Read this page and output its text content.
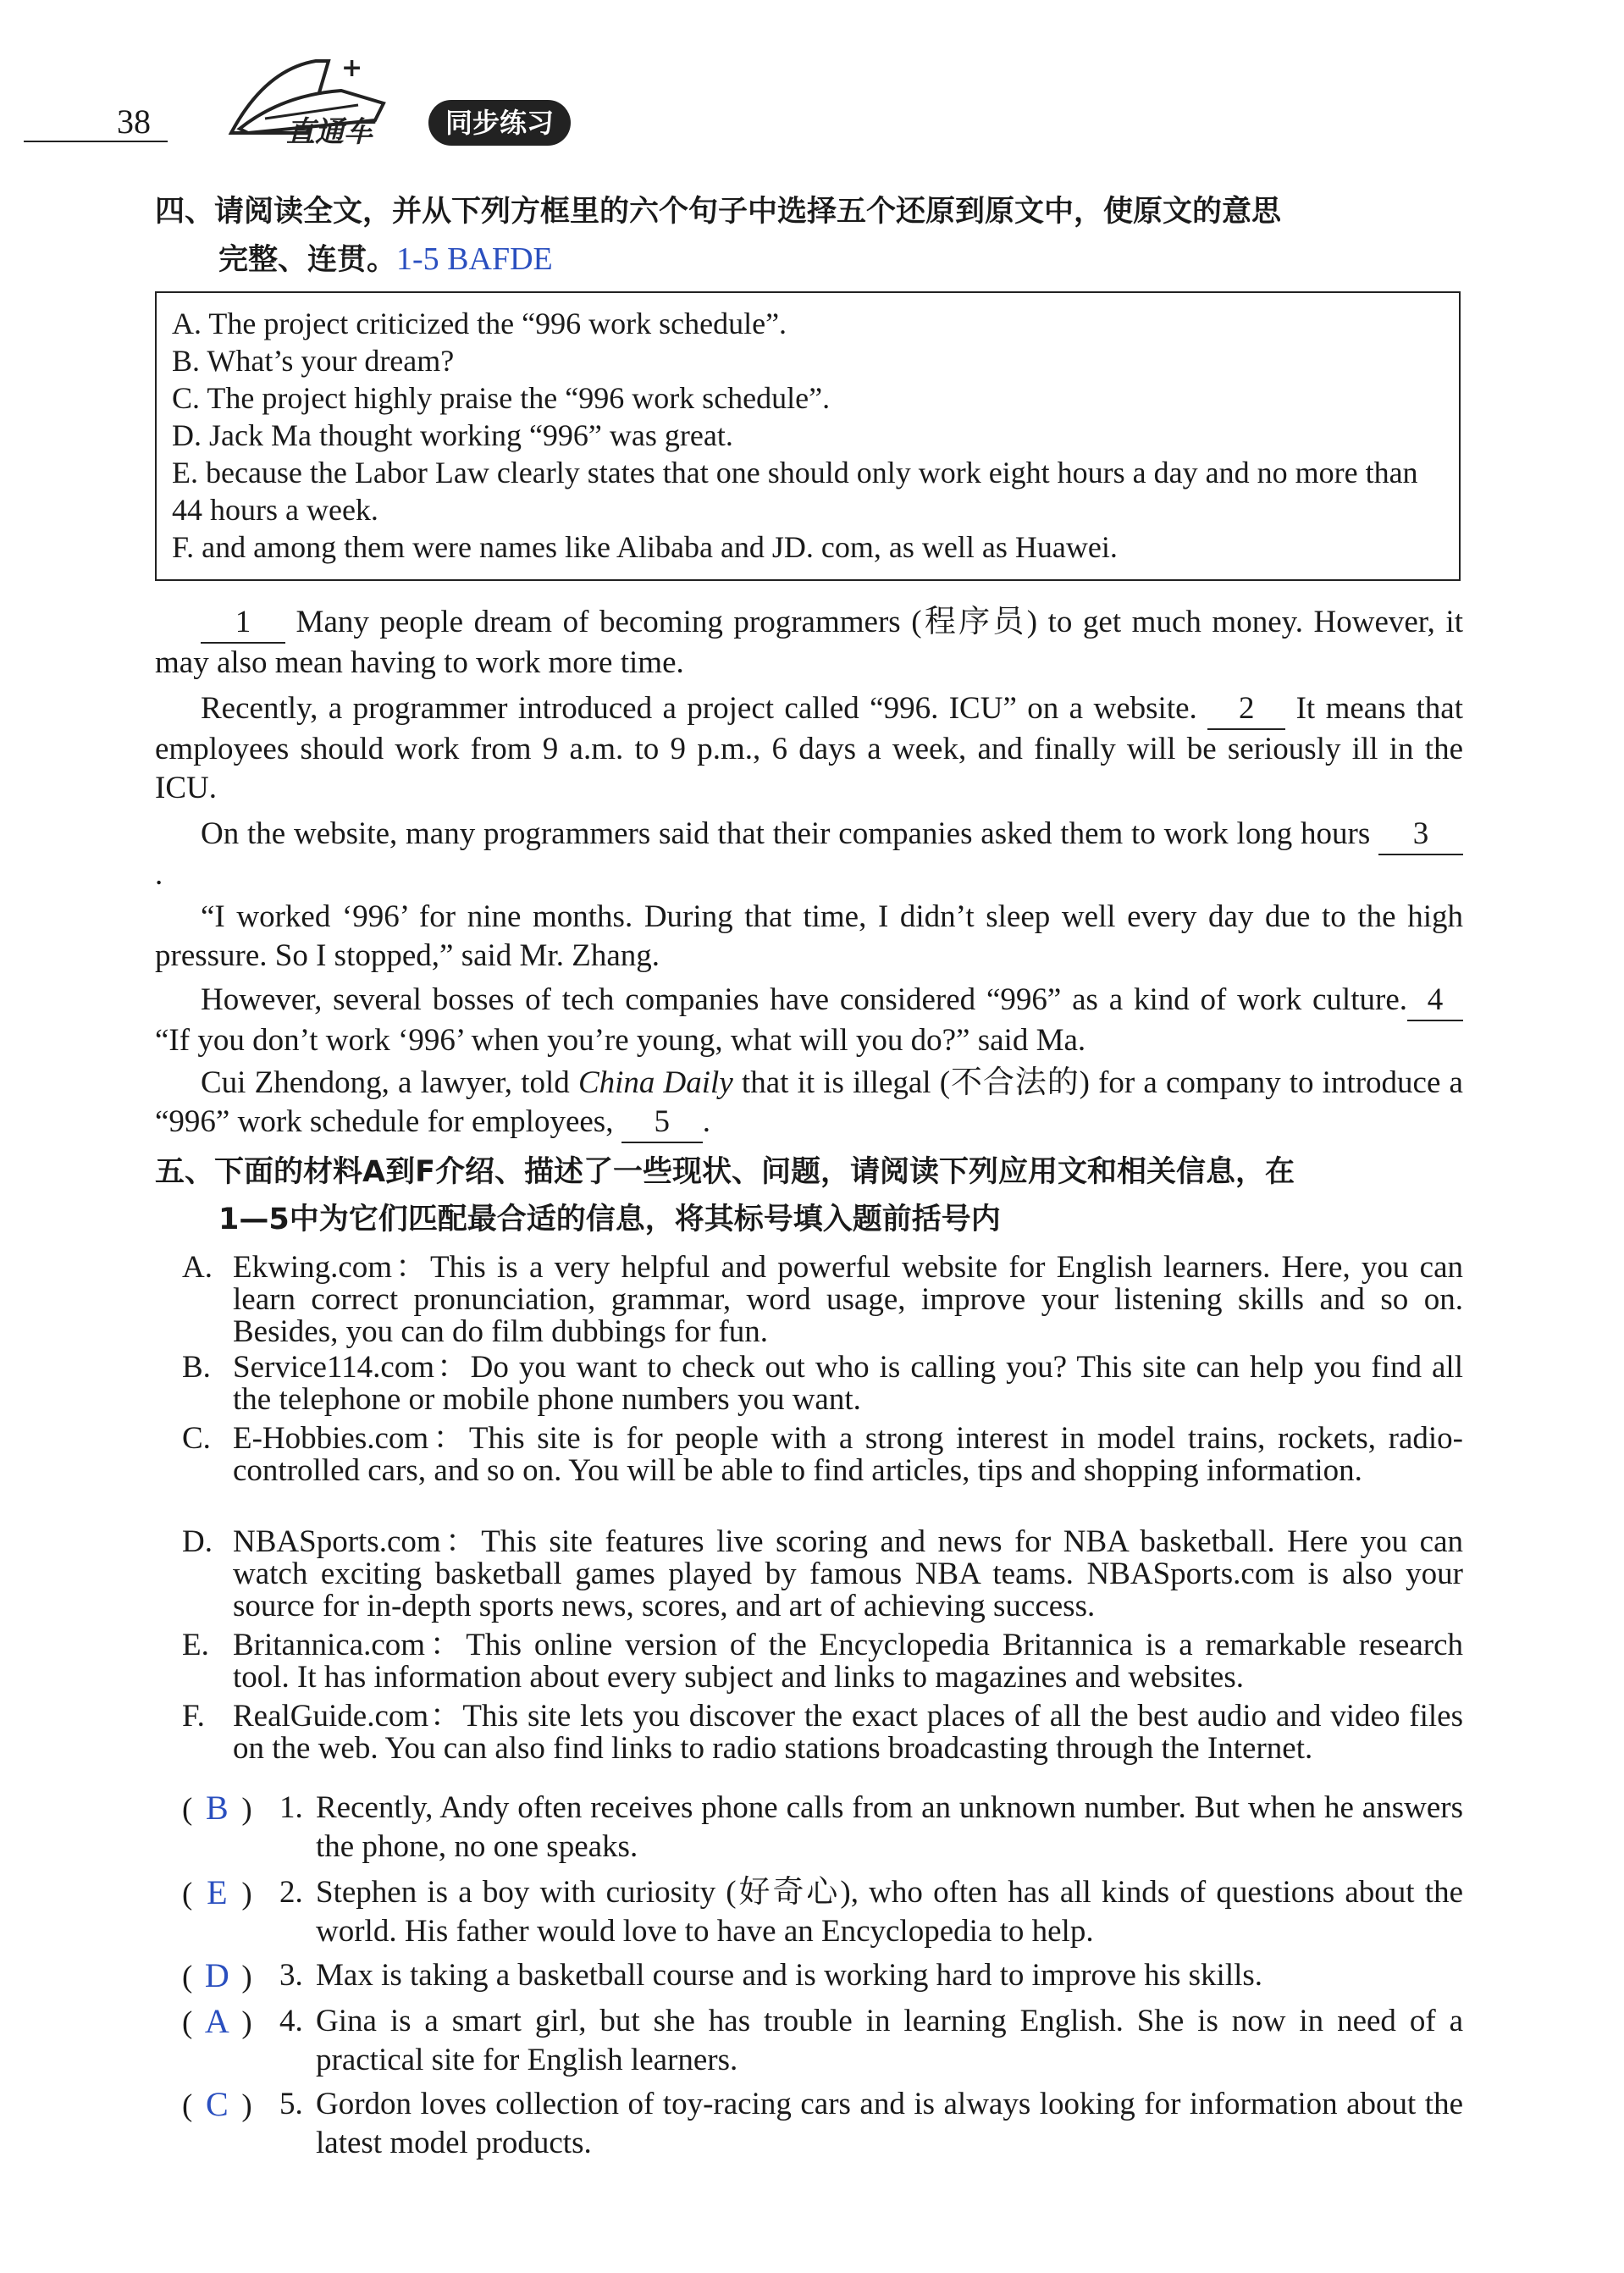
38
+
直通车	同步练习
四、请阅读全文，并从下列方框里的六个句子中选择五个还原到原文中，使原文的意思
完整、连贯。1-5 BAFDE
A. The project criticized the “996 work schedule”.
B. What’s your dream?
C. The project highly praise the “996 work schedule”.
D. Jack Ma thought working “996” was great.
E. because the Labor Law clearly states that one should only work eight hours a day and no more than 44 hours a week.
F. and among them were names like Alibaba and JD. com, as well as Huawei.
1 Many people dream of becoming programmers (程序员) to get much money. However, it may also mean having to work more time.
Recently, a programmer introduced a project called “996. ICU” on a website. 2 It means that employees should work from 9 a.m. to 9 p.m., 6 days a week, and finally will be seriously ill in the ICU.
On the website, many programmers said that their companies asked them to work long hours 3.
“I worked ‘996’ for nine months. During that time, I didn’t sleep well every day due to the high pressure. So I stopped,” said Mr. Zhang.
However, several bosses of tech companies have considered “996” as a kind of work culture. 4 “If you don’t work ‘996’ when you’re young, what will you do?” said Ma.
Cui Zhendong, a lawyer, told China Daily that it is illegal (不合法的) for a company to introduce a “996” work schedule for employees, 5 .
五、下面的材料A到F介绍、描述了一些现状、问题，请阅读下列应用文和相关信息，在
1—5中为它们匹配最合适的信息，将其标号填入题前括号内
A. Ekwing.com：This is a very helpful and powerful website for English learners. Here, you can learn correct pronunciation, grammar, word usage, improve your listening skills and so on. Besides, you can do film dubbings for fun.
B. Service114.com：Do you want to check out who is calling you? This site can help you find all the telephone or mobile phone numbers you want.
C. E-Hobbies.com：This site is for people with a strong interest in model trains, rockets, radio-controlled cars, and so on. You will be able to find articles, tips and shopping information.
D. NBASports.com：This site features live scoring and news for NBA basketball. Here you can watch exciting basketball games played by famous NBA teams. NBASports.com is also your source for in-depth sports news, scores, and art of achieving success.
E. Britannica.com：This online version of the Encyclopedia Britannica is a remarkable research tool. It has information about every subject and links to magazines and websites.
F. RealGuide.com：This site lets you discover the exact places of all the best audio and video files on the web. You can also find links to radio stations broadcasting through the Internet.
( B ) 1. Recently, Andy often receives phone calls from an unknown number. But when he answers the phone, no one speaks.
( E ) 2. Stephen is a boy with curiosity (好奇心), who often has all kinds of questions about the world. His father would love to have an Encyclopedia to help.
( D ) 3. Max is taking a basketball course and is working hard to improve his skills.
( A ) 4. Gina is a smart girl, but she has trouble in learning English. She is now in need of a practical site for English learners.
( C ) 5. Gordon loves collection of toy-racing cars and is always looking for information about the latest model products.
